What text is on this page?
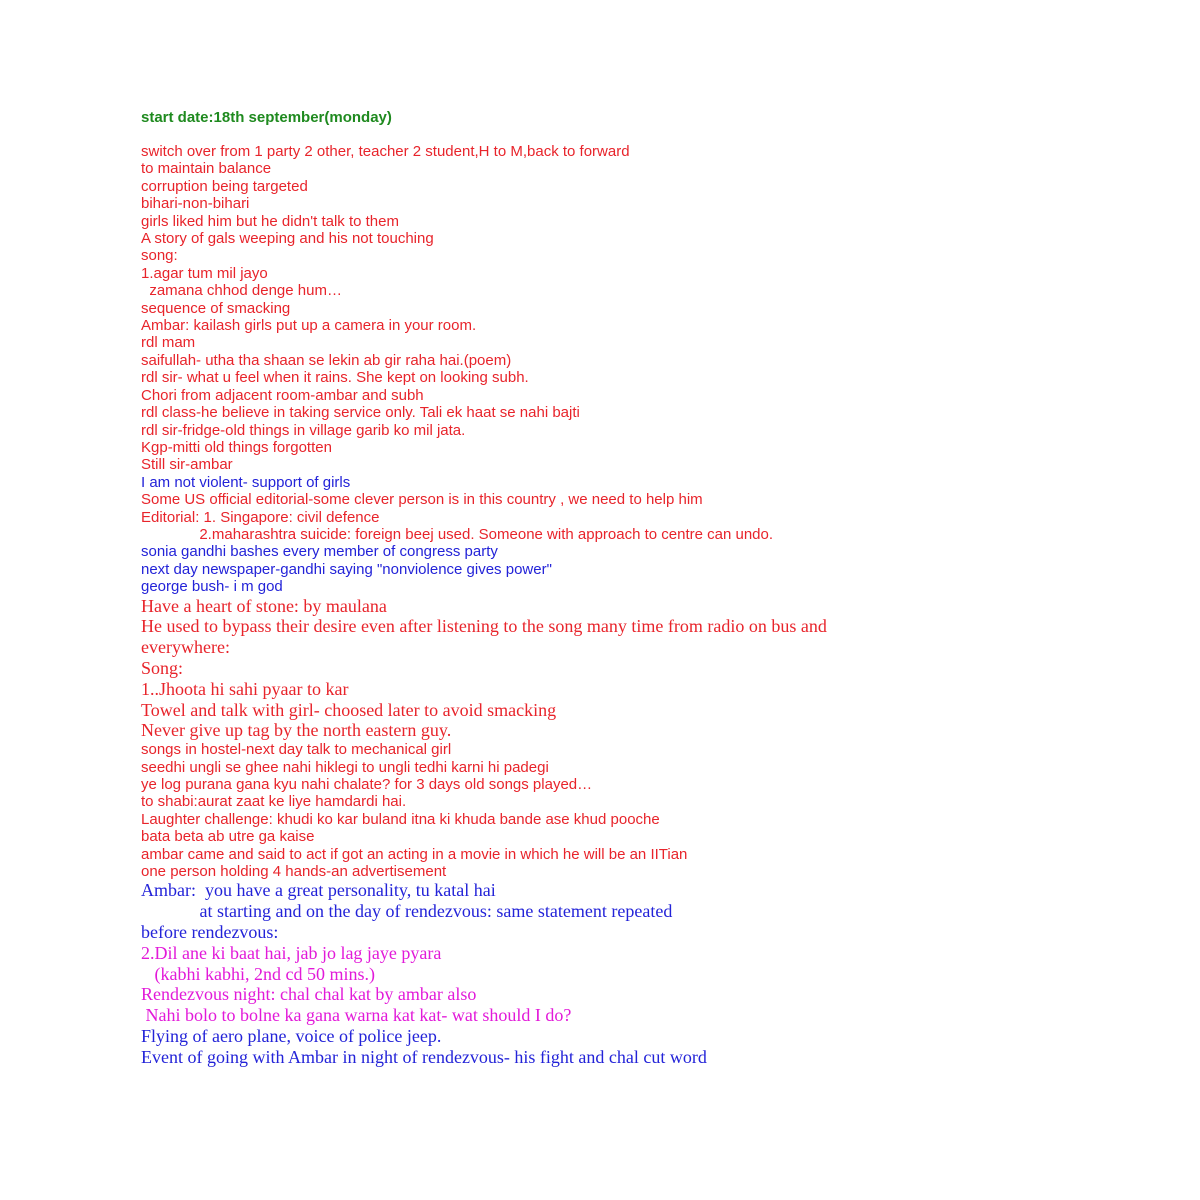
start date:18th september(monday)
switch over from 1 party 2 other, teacher 2 student,H to M,back to forward
to maintain balance
corruption being targeted
bihari-non-bihari
girls liked him but he didn't talk to them
A story of gals weeping and his not touching
song:
1.agar tum mil jayo
zamana chhod denge hum…
sequence of smacking
Ambar: kailash girls put up a camera in your room.
rdl mam
saifullah- utha tha shaan se lekin ab gir raha hai.(poem)
rdl sir- what u feel when it rains. She kept on looking subh.
Chori from adjacent room-ambar and subh
rdl class-he believe in taking service only. Tali ek haat se nahi bajti
rdl sir-fridge-old things in village garib ko mil jata.
Kgp-mitti old things forgotten
Still sir-ambar
I am not violent- support of girls
Some US official editorial-some clever person is in this country , we need to help him
Editorial: 1. Singapore: civil defence
2.maharashtra suicide: foreign beej used. Someone with approach to centre can undo.
sonia gandhi bashes every member of congress party
next day newspaper-gandhi saying "nonviolence gives power"
george bush- i m god
Have a heart of stone: by maulana
He used to bypass their desire even after listening to the song many time from radio on bus and
everywhere:
Song:
1..Jhoota hi sahi pyaar to kar
Towel and talk with girl- choosed later to avoid smacking
Never give up tag by the north eastern guy.
songs in hostel-next day talk to mechanical girl
seedhi ungli se ghee nahi hiklegi to ungli tedhi karni hi padegi
ye log purana gana kyu nahi chalate? for 3 days old songs played…
to shabi:aurat zaat ke liye hamdardi hai.
Laughter challenge: khudi ko kar buland itna ki khuda bande ase khud pooche
bata beta ab utre ga kaise
ambar came and said to act if got an acting in a movie in which he will be an IITian
one person holding 4 hands-an advertisement
Ambar:  you have a great personality, tu katal hai
at starting and on the day of rendezvous: same statement repeated
before rendezvous:
2.Dil ane ki baat hai, jab jo lag jaye pyara
(kabhi kabhi, 2nd cd 50 mins.)
Rendezvous night: chal chal kat by ambar also
Nahi bolo to bolne ka gana warna kat kat- wat should I do?
Flying of aero plane, voice of police jeep.
Event of going with Ambar in night of rendezvous- his fight and chal cut word
